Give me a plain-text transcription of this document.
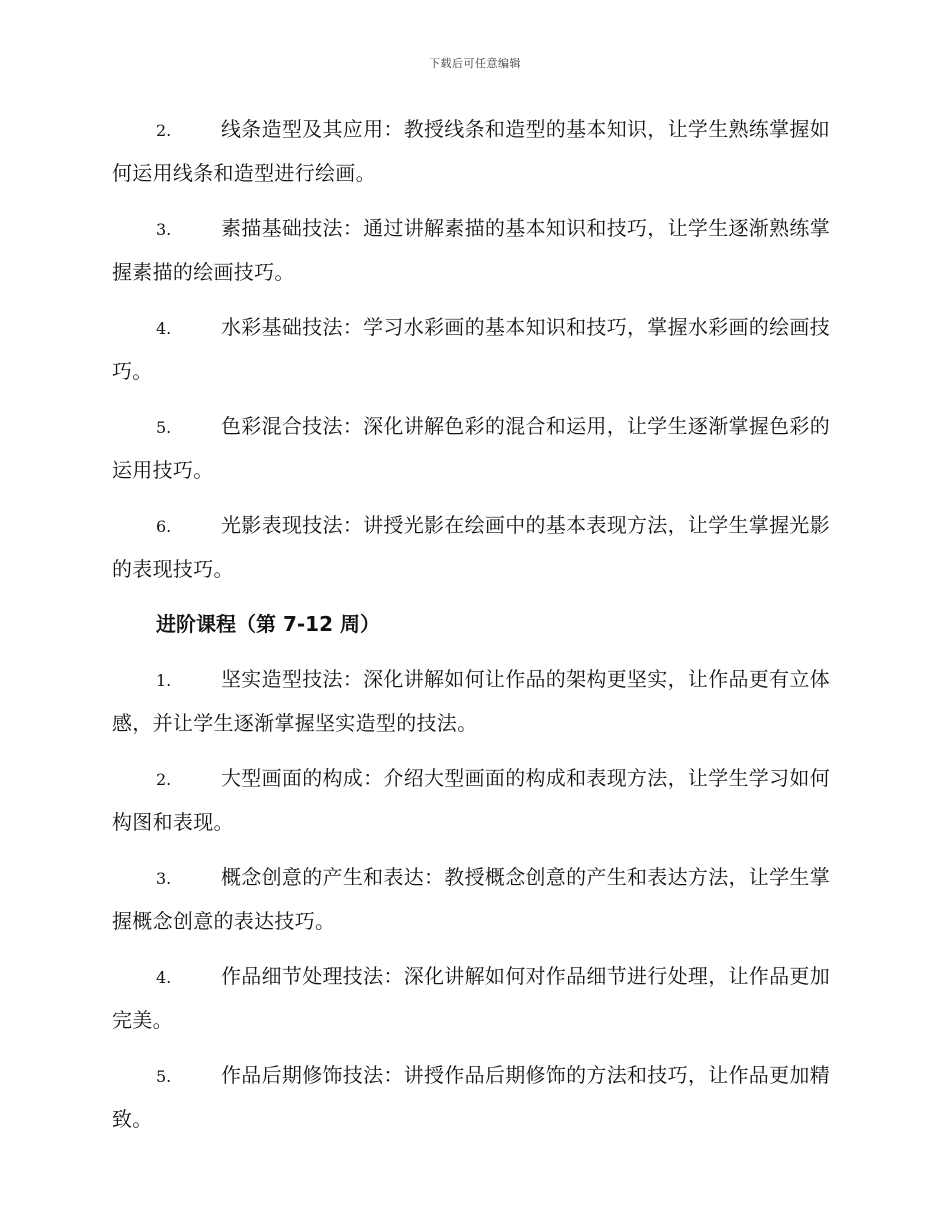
下载后可任意编辑

2. 线条造型及其应用：教授线条和造型的基本知识，让学生熟练掌握如何运用线条和造型进行绘画。

3. 素描基础技法：通过讲解素描的基本知识和技巧，让学生逐渐熟练掌握素描的绘画技巧。

4. 水彩基础技法：学习水彩画的基本知识和技巧，掌握水彩画的绘画技巧。

5. 色彩混合技法：深化讲解色彩的混合和运用，让学生逐渐掌握色彩的运用技巧。

6. 光影表现技法：讲授光影在绘画中的基本表现方法，让学生掌握光影的表现技巧。

进阶课程（第 7-12 周）

1. 坚实造型技法：深化讲解如何让作品的架构更坚实，让作品更有立体感，并让学生逐渐掌握坚实造型的技法。

2. 大型画面的构成：介绍大型画面的构成和表现方法，让学生学习如何构图和表现。

3. 概念创意的产生和表达：教授概念创意的产生和表达方法，让学生掌握概念创意的表达技巧。

4. 作品细节处理技法：深化讲解如何对作品细节进行处理，让作品更加完美。

5. 作品后期修饰技法：讲授作品后期修饰的方法和技巧，让作品更加精致。
